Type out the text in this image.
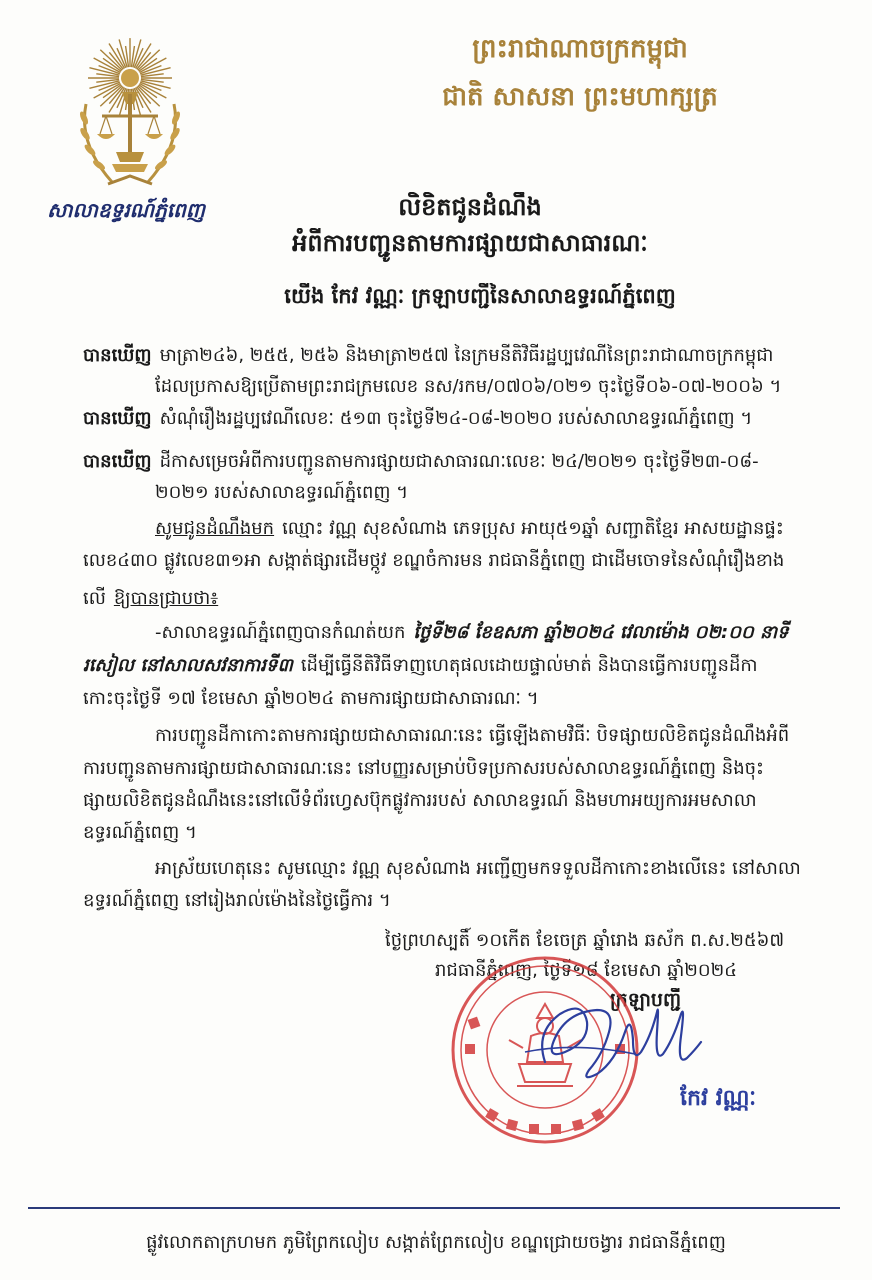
សាលាឧទ្ធរណ៍ភ្នំពេញ
ព្រះរាជាណាចក្រកម្ពុជា
ជាតិ សាសនា ព្រះមហាក្សត្រ
លិខិតជូនដំណឹង
អំពីការបញ្ជូនតាមការផ្សាយជាសាធារណៈ
យើង កែវ វណ្ណៈ ក្រឡាបញ្ជីនៃសាលាឧទ្ធរណ៍ភ្នំពេញ
បានឃើញ មាត្រា២៤៦, ២៥៥, ២៥៦ និងមាត្រា២៥៧ នៃក្រមនីតិវិធីរដ្ឋប្បវេណីនៃព្រះរាជាណាចក្រកម្ពុជា
ដែលប្រកាសឱ្យប្រើតាមព្រះរាជក្រមលេខ នស/រកម/០៧០៦/០២១ ចុះថ្ងៃទី០៦-០៧-២០០៦ ។
បានឃើញ សំណុំរឿងរដ្ឋប្បវេណីលេខៈ ៥១៣ ចុះថ្ងៃទី២៤-០៨-២០២០ របស់សាលាឧទ្ធរណ៍ភ្នំពេញ ។
បានឃើញ ដីកាសម្រេចអំពីការបញ្ជូនតាមការផ្សាយជាសាធារណៈលេខៈ ២៤/២០២១ ចុះថ្ងៃទី២៣-០៨-
២០២១ របស់សាលាឧទ្ធរណ៍ភ្នំពេញ ។
សូមជូនដំណឹងមក ឈ្មោះ វណ្ណ សុខសំណាង ភេទប្រុស អាយុ៥១ឆ្នាំ សញ្ជាតិខ្មែរ អាសយដ្ឋានផ្ទះ
លេខ៤៣០ ផ្លូវលេខ៣១អា សង្កាត់ផ្សារដើមថ្កូវ ខណ្ឌចំការមន រាជធានីភ្នំពេញ ជាដើមចោទនៃសំណុំរឿងខាង
លើ ឱ្យបានជ្រាបថា៖
-សាលាឧទ្ធរណ៍ភ្នំពេញបានកំណត់យក ថ្ងៃទី២៨ ខែឧសភា ឆ្នាំ២០២៤ វេលាម៉ោង ០២:០០ នាទី
រសៀល នៅសាលសវនាការទី៣ ដើម្បីធ្វើនីតិវិធីទាញហេតុផលដោយផ្ទាល់មាត់ និងបានធ្វើការបញ្ជូនដីកា
កោះចុះថ្ងៃទី ១៧ ខែមេសា ឆ្នាំ២០២៤ តាមការផ្សាយជាសាធារណៈ ។
ការបញ្ជូនដីកាកោះតាមការផ្សាយជាសាធារណៈនេះ ធ្វើឡើងតាមវិធីៈ បិទផ្សាយលិខិតជូនដំណឹងអំពី
ការបញ្ជូនតាមការផ្សាយជាសាធារណៈនេះ នៅបញ្ញរសម្រាប់បិទប្រកាសរបស់សាលាឧទ្ធរណ៍ភ្នំពេញ និងចុះ
ផ្សាយលិខិតជូនដំណឹងនេះនៅលើទំព័រហ្វេសប៊ុកផ្លូវការរបស់ សាលាឧទ្ធរណ៍ និងមហាអយ្យការអមសាលា
ឧទ្ធរណ៍ភ្នំពេញ ។
អាស្រ័យហេតុនេះ សូមឈ្មោះ វណ្ណ សុខសំណាង អញ្ជើញមកទទួលដីកាកោះខាងលើនេះ នៅសាលា
ឧទ្ធរណ៍ភ្នំពេញ នៅរៀងរាល់ម៉ោងនៃថ្ងៃធ្វើការ ។
ថ្ងៃព្រហស្បតិ៍ ១០កើត ខែចេត្រ ឆ្នាំរោង ឆស័ក ព.ស.២៥៦៧
រាជធានីភ្នំពេញ, ថ្ងៃទី១៨ ខែមេសា ឆ្នាំ២០២៤
ក្រឡាបញ្ជី
កែវ វណ្ណៈ
ផ្លូវលោកតាក្រហមក ភូមិព្រែកលៀប សង្កាត់ព្រែកលៀប ខណ្ឌជ្រោយចង្វារ រាជធានីភ្នំពេញ
